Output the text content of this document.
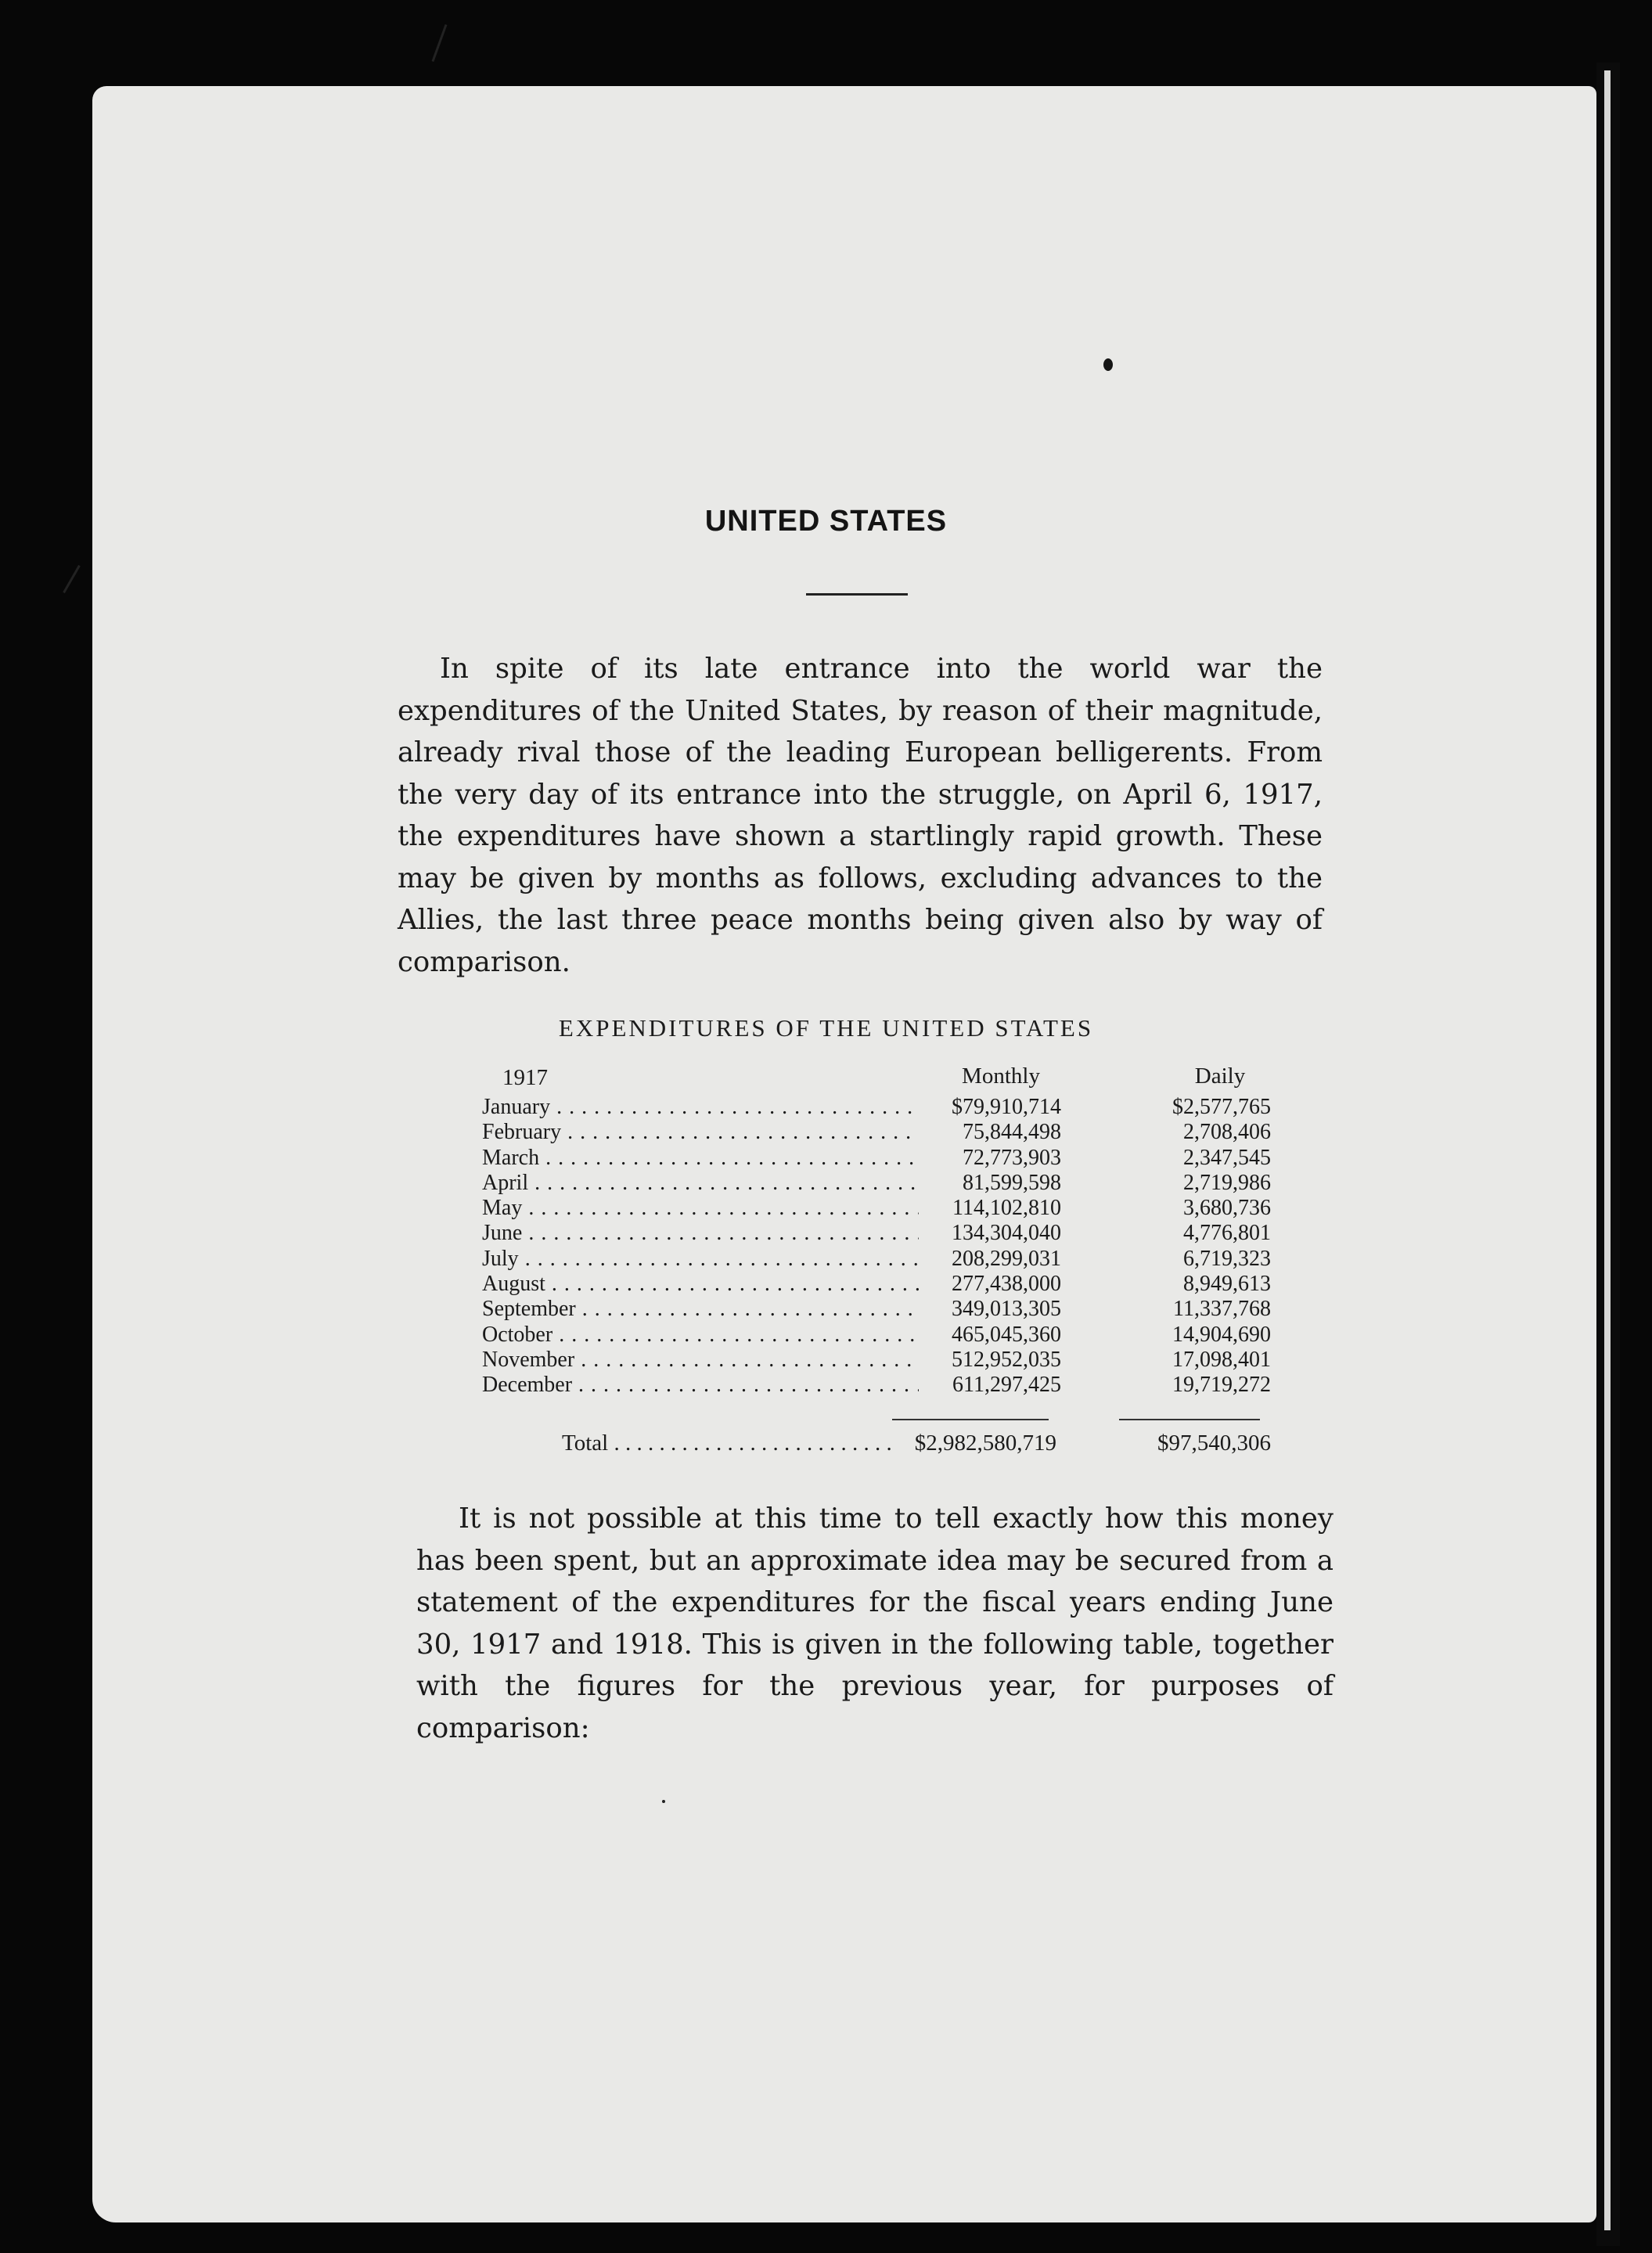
UNITED STATES
In spite of its late entrance into the world war the expenditures of the United States, by reason of their magnitude, already rival those of the leading European belligerents. From the very day of its entrance into the struggle, on April 6, 1917, the expenditures have shown a startlingly rapid growth. These may be given by months as follows, excluding advances to the Allies, the last three peace months being given also by way of comparison.
EXPENDITURES OF THE UNITED STATES
1917	Monthly	Daily
January . . .	$79,910,714	$2,577,765
February . . .	75,844,498	2,708,406
March . . .	72,773,903	2,347,545
April . . .	81,599,598	2,719,986
May . . .	114,102,810	3,680,736
June . . .	134,304,040	4,776,801
July . . .	208,299,031	6,719,323
August . . .	277,438,000	8,949,613
September . . .	349,013,305	11,337,768
October . . .	465,045,360	14,904,690
November . . .	512,952,035	17,098,401
December . . .	611,297,425	19,719,272
Total . . .	$2,982,580,719	$97,540,306
It is not possible at this time to tell exactly how this money has been spent, but an approximate idea may be secured from a statement of the expenditures for the fiscal years ending June 30, 1917 and 1918. This is given in the following table, together with the figures for the previous year, for purposes of comparison:
